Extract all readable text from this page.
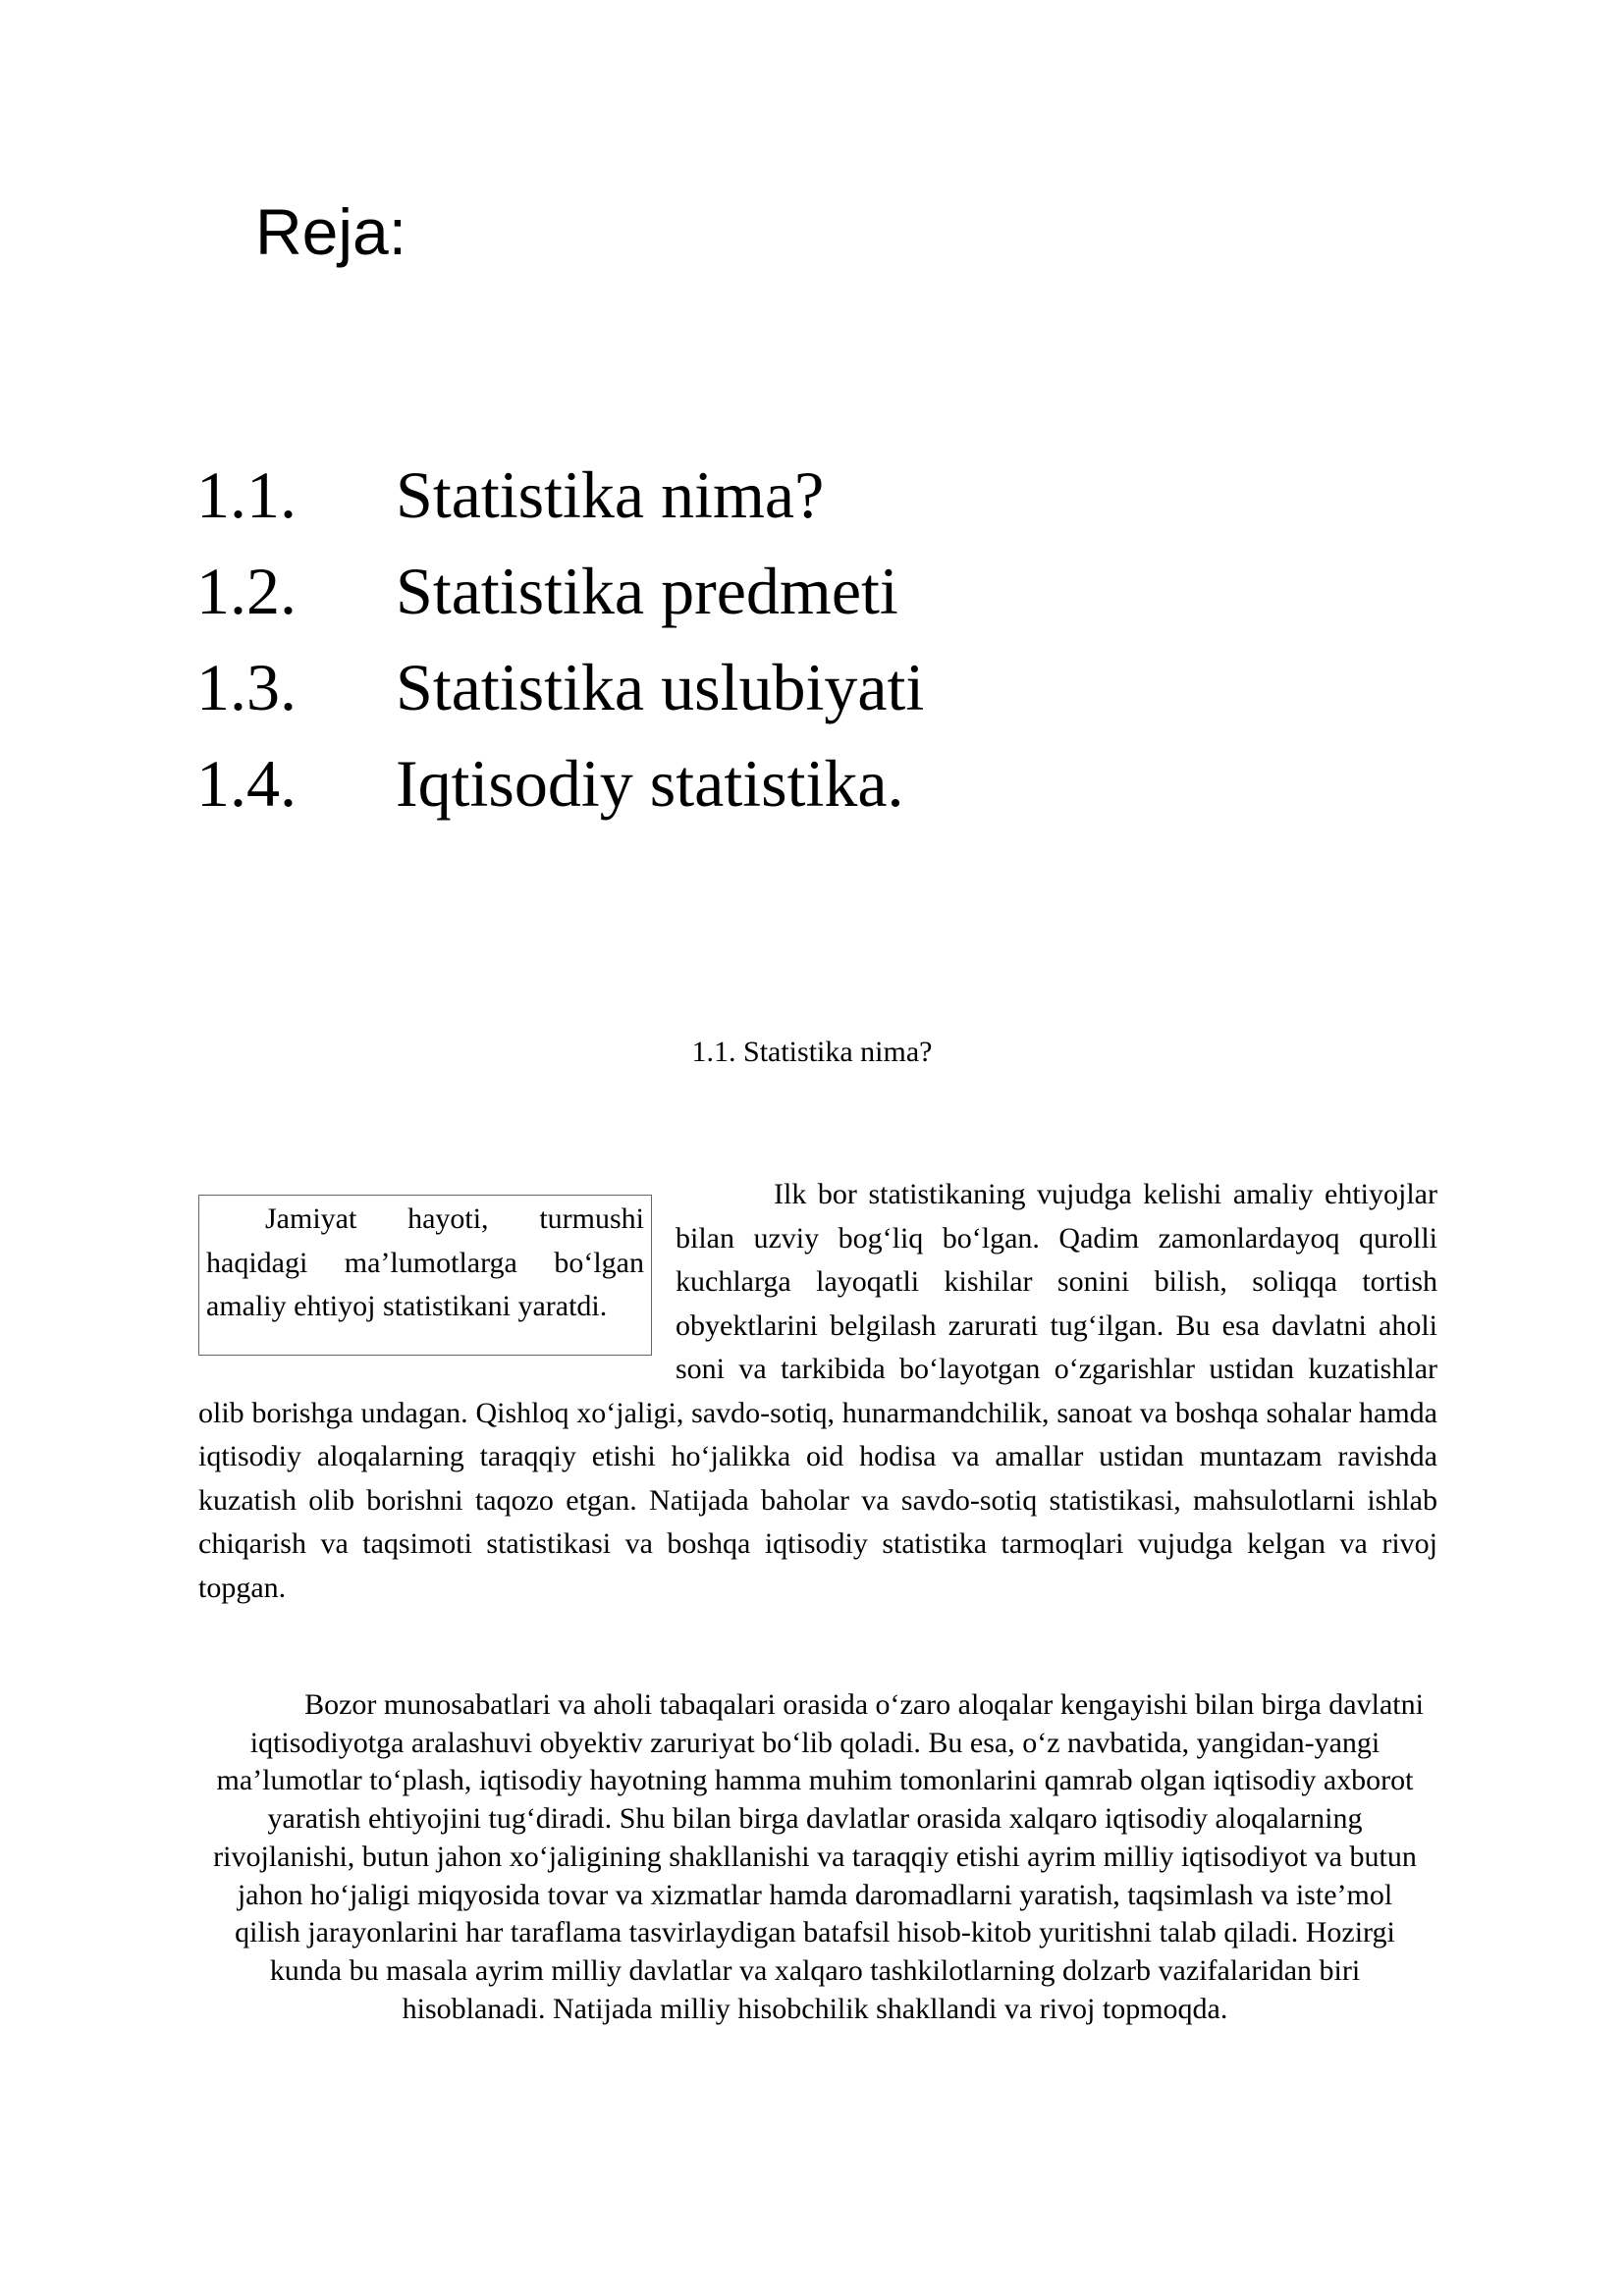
Reja:
1.1.	Statistika nima?
1.2.	Statistika predmeti
1.3.	Statistika uslubiyati
1.4.	Iqtisodiy statistika.
1.1. Statistika nima?
Jamiyat hayoti, turmushi haqidagi ma’lumotlarga bo‘lgan amaliy ehtiyoj statistikani yaratdi.

Ilk bor statistikaning vujudga kelishi amaliy ehtiyojlar bilan uzviy bog‘liq bo‘lgan. Qadim zamonlardayoq qurolli kuchlarga layoqatli kishilar sonini bilish, soliqqa tortish obyektlarini belgilash zarurati tug‘ilgan. Bu esa davlatni aholi soni va tarkibida bo‘layotgan o‘zgarishlar ustidan kuzatishlar olib borishga undagan. Qishloq xo‘jaligi, savdo-sotiq, hunarmandchilik, sanoat va boshqa sohalar hamda iqtisodiy aloqalarning taraqqiy etishi ho‘jalikka oid hodisa va amallar ustidan muntazam ravishda kuzatish olib borishni taqozo etgan. Natijada baholar va savdo-sotiq statistikasi, mahsulotlarni ishlab chiqarish va taqsimoti statistikasi va boshqa iqtisodiy statistika tarmoqlari vujudga kelgan va rivoj topgan.

Bozor munosabatlari va aholi tabaqalari orasida o‘zaro aloqalar kengayishi bilan birga davlatni iqtisodiyotga aralashuvi obyektiv zaruriyat bo‘lib qoladi. Bu esa, o‘z navbatida, yangidan-yangi ma’lumotlar to‘plash, iqtisodiy hayotning hamma muhim tomonlarini qamrab olgan iqtisodiy axborot yaratish ehtiyojini tug‘diradi. Shu bilan birga davlatlar orasida xalqaro iqtisodiy aloqalarning rivojlanishi, butun jahon xo‘jaligining shakllanishi va taraqqiy etishi ayrim milliy iqtisodiyot va butun jahon ho‘jaligi miqyosida tovar va xizmatlar hamda daromadlarni yaratish, taqsimlash va iste’mol qilish jarayonlarini har taraflama tasvirlaydigan batafsil hisob-kitob yuritishni talab qiladi. Hozirgi kunda bu masala ayrim milliy davlatlar va xalqaro tashkilotlarning dolzarb vazifalaridan biri hisoblanadi. Natijada milliy hisobchilik shakllandi va rivoj topmoqda.
